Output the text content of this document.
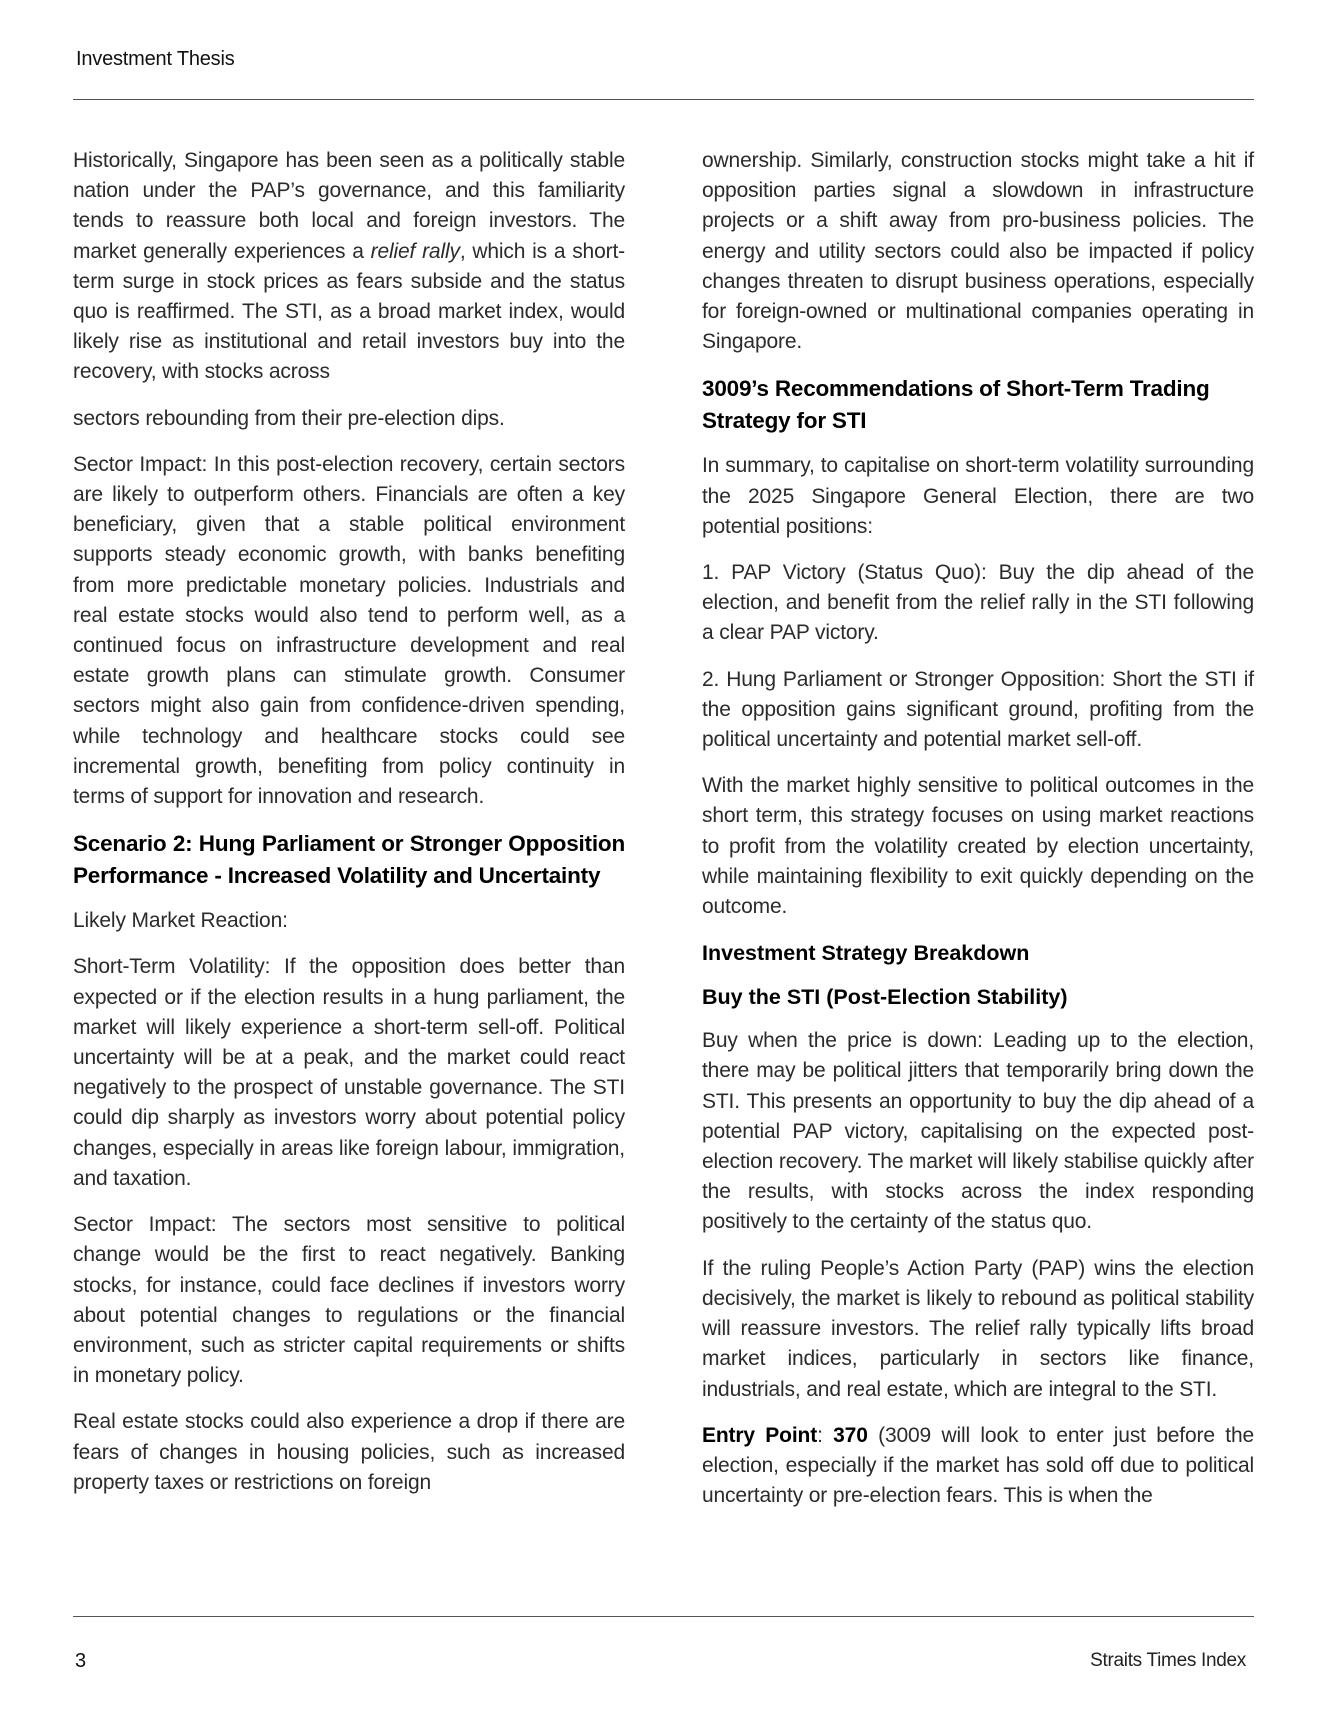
Investment Thesis

Historically, Singapore has been seen as a politically stable nation under the PAP’s governance, and this familiarity tends to reassure both local and foreign investors. The market generally experiences a relief rally, which is a short-term surge in stock prices as fears subside and the status quo is reaffirmed. The STI, as a broad market index, would likely rise as institutional and retail investors buy into the recovery, with stocks across

sectors rebounding from their pre-election dips.

Sector Impact: In this post-election recovery, certain sectors are likely to outperform others. Financials are often a key beneficiary, given that a stable political environment supports steady economic growth, with banks benefiting from more predictable monetary policies. Industrials and real estate stocks would also tend to perform well, as a continued focus on infrastructure development and real estate growth plans can stimulate growth. Consumer sectors might also gain from confidence-driven spending, while technology and healthcare stocks could see incremental growth, benefiting from policy continuity in terms of support for innovation and research.

Scenario 2: Hung Parliament or Stronger Opposition Performance - Increased Volatility and Uncertainty

Likely Market Reaction:

Short-Term Volatility: If the opposition does better than expected or if the election results in a hung parliament, the market will likely experience a short-term sell-off. Political uncertainty will be at a peak, and the market could react negatively to the prospect of unstable governance. The STI could dip sharply as investors worry about potential policy changes, especially in areas like foreign labour, immigration, and taxation.

Sector Impact: The sectors most sensitive to political change would be the first to react negatively. Banking stocks, for instance, could face declines if investors worry about potential changes to regulations or the financial environment, such as stricter capital requirements or shifts in monetary policy.

Real estate stocks could also experience a drop if there are fears of changes in housing policies, such as increased property taxes or restrictions on foreign

ownership. Similarly, construction stocks might take a hit if opposition parties signal a slowdown in infrastructure projects or a shift away from pro-business policies. The energy and utility sectors could also be impacted if policy changes threaten to disrupt business operations, especially for foreign-owned or multinational companies operating in Singapore.

3009’s Recommendations of Short-Term Trading Strategy for STI

In summary, to capitalise on short-term volatility surrounding the 2025 Singapore General Election, there are two potential positions:

1. PAP Victory (Status Quo): Buy the dip ahead of the election, and benefit from the relief rally in the STI following a clear PAP victory.

2. Hung Parliament or Stronger Opposition: Short the STI if the opposition gains significant ground, profiting from the political uncertainty and potential market sell-off.

With the market highly sensitive to political outcomes in the short term, this strategy focuses on using market reactions to profit from the volatility created by election uncertainty, while maintaining flexibility to exit quickly depending on the outcome.

Investment Strategy Breakdown
Buy the STI (Post-Election Stability)

Buy when the price is down: Leading up to the election, there may be political jitters that temporarily bring down the STI. This presents an opportunity to buy the dip ahead of a potential PAP victory, capitalising on the expected post-election recovery. The market will likely stabilise quickly after the results, with stocks across the index responding positively to the certainty of the status quo.

If the ruling People’s Action Party (PAP) wins the election decisively, the market is likely to rebound as political stability will reassure investors. The relief rally typically lifts broad market indices, particularly in sectors like finance, industrials, and real estate, which are integral to the STI.

Entry Point: 370 (3009 will look to enter just before the election, especially if the market has sold off due to political uncertainty or pre-election fears. This is when the

3	Straits Times Index
